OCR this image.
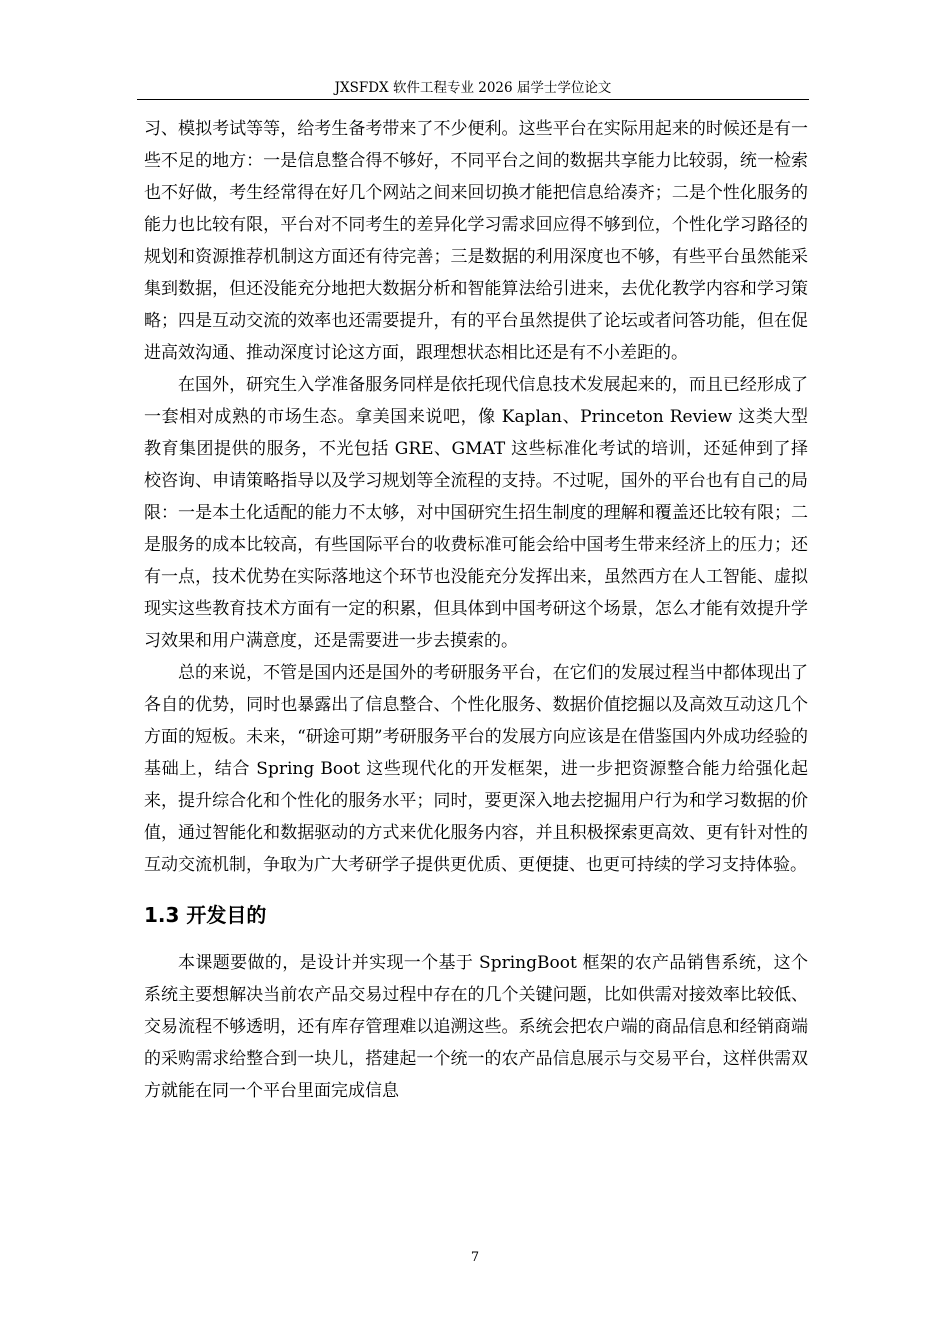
JXSFDX 软件工程专业 2026 届学士学位论文

习、模拟考试等等，给考生备考带来了不少便利。这些平台在实际用起来的时候还是有一些不足的地方：一是信息整合得不够好，不同平台之间的数据共享能力比较弱，统一检索也不好做，考生经常得在好几个网站之间来回切换才能把信息给凑齐；二是个性化服务的能力也比较有限，平台对不同考生的差异化学习需求回应得不够到位，个性化学习路径的规划和资源推荐机制这方面还有待完善；三是数据的利用深度也不够，有些平台虽然能采集到数据，但还没能充分地把大数据分析和智能算法给引进来，去优化教学内容和学习策略；四是互动交流的效率也还需要提升，有的平台虽然提供了论坛或者问答功能，但在促进高效沟通、推动深度讨论这方面，跟理想状态相比还是有不小差距的。

在国外，研究生入学准备服务同样是依托现代信息技术发展起来的，而且已经形成了一套相对成熟的市场生态。拿美国来说吧，像 Kaplan、Princeton Review 这类大型教育集团提供的服务，不光包括 GRE、GMAT 这些标准化考试的培训，还延伸到了择校咨询、申请策略指导以及学习规划等全流程的支持。不过呢，国外的平台也有自己的局限：一是本土化适配的能力不太够，对中国研究生招生制度的理解和覆盖还比较有限；二是服务的成本比较高，有些国际平台的收费标准可能会给中国考生带来经济上的压力；还有一点，技术优势在实际落地这个环节也没能充分发挥出来，虽然西方在人工智能、虚拟现实这些教育技术方面有一定的积累，但具体到中国考研这个场景，怎么才能有效提升学习效果和用户满意度，还是需要进一步去摸索的。

总的来说，不管是国内还是国外的考研服务平台，在它们的发展过程当中都体现出了各自的优势，同时也暴露出了信息整合、个性化服务、数据价值挖掘以及高效互动这几个方面的短板。未来，“研途可期”考研服务平台的发展方向应该是在借鉴国内外成功经验的基础上，结合 Spring Boot 这些现代化的开发框架，进一步把资源整合能力给强化起来，提升综合化和个性化的服务水平；同时，要更深入地去挖掘用户行为和学习数据的价值，通过智能化和数据驱动的方式来优化服务内容，并且积极探索更高效、更有针对性的互动交流机制，争取为广大考研学子提供更优质、更便捷、也更可持续的学习支持体验。

1.3 开发目的

本课题要做的，是设计并实现一个基于 SpringBoot 框架的农产品销售系统，这个系统主要想解决当前农产品交易过程中存在的几个关键问题，比如供需对接效率比较低、交易流程不够透明，还有库存管理难以追溯这些。系统会把农户端的商品信息和经销商端的采购需求给整合到一块儿，搭建起一个统一的农产品信息展示与交易平台，这样供需双方就能在同一个平台里面完成信息

7
